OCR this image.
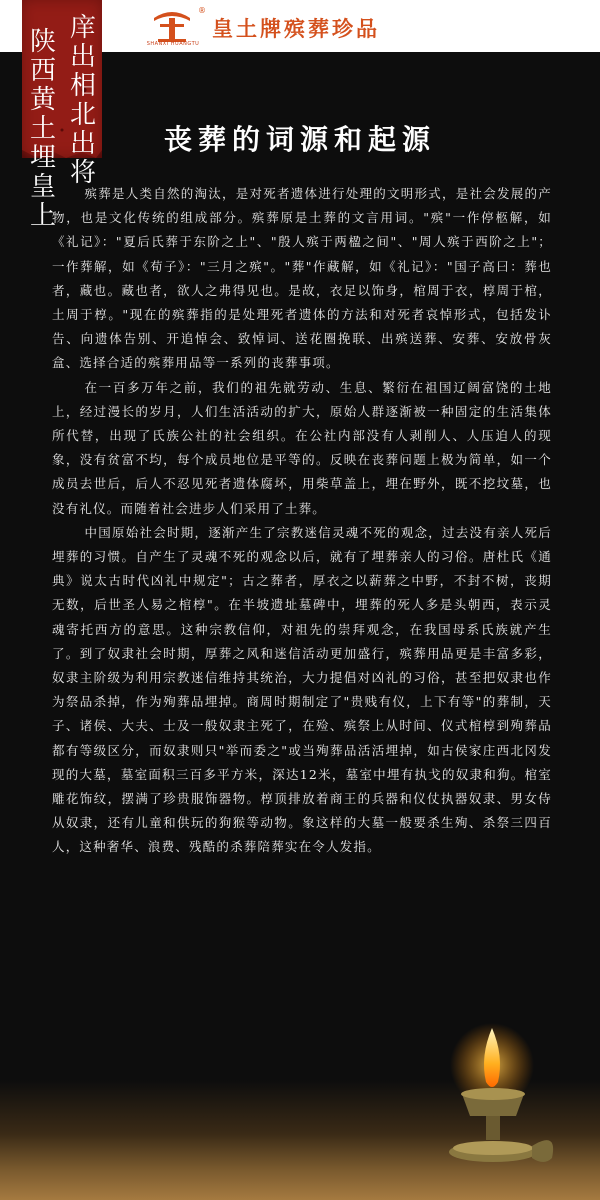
®
SHANXI HUANGTU
皇土牌殡葬珍品
庠出相北出将
陕西黄土埋皇上
丧葬的词源和起源

殡葬是人类自然的淘汰，是对死者遗体进行处理的文明形式，是社会发展的产物，也是文化传统的组成部分。殡葬原是土葬的文言用词。"殡"一作停柩解，如《礼记》："夏后氏葬于东阶之上"、"殷人殡于两楹之间"、"周人殡于西阶之上"；一作葬解，如《荀子》："三月之殡"。"葬"作藏解，如《礼记》："国子高曰：葬也者，藏也。藏也者，欲人之弗得见也。是故，衣足以饰身，棺周于衣，椁周于棺，土周于椁。"现在的殡葬指的是处理死者遗体的方法和对死者哀悼形式，包括发讣告、向遗体告别、开追悼会、致悼词、送花圈挽联、出殡送葬、安葬、安放骨灰盒、选择合适的殡葬用品等一系列的丧葬事项。

在一百多万年之前，我们的祖先就劳动、生息、繁衍在祖国辽阔富饶的土地上，经过漫长的岁月，人们生活活动的扩大，原始人群逐渐被一种固定的生活集体所代替，出现了氏族公社的社会组织。在公社内部没有人剥削人、人压迫人的现象，没有贫富不均，每个成员地位是平等的。反映在丧葬问题上极为简单，如一个成员去世后，后人不忍见死者遗体腐坏，用柴草盖上，埋在野外，既不挖坟墓，也没有礼仪。而随着社会进步人们采用了土葬。

中国原始社会时期，逐渐产生了宗教迷信灵魂不死的观念，过去没有亲人死后埋葬的习惯。自产生了灵魂不死的观念以后，就有了埋葬亲人的习俗。唐杜氏《通典》说太古时代凶礼中规定"；古之葬者，厚衣之以薪葬之中野，不封不树，丧期无数，后世圣人易之棺椁"。在半坡遗址墓碑中，埋葬的死人多是头朝西，表示灵魂寄托西方的意思。这种宗教信仰，对祖先的崇拜观念，在我国母系氏族就产生了。到了奴隶社会时期，厚葬之风和迷信活动更加盛行，殡葬用品更是丰富多彩，奴隶主阶级为利用宗教迷信维持其统治，大力提倡对凶礼的习俗，甚至把奴隶也作为祭品杀掉，作为殉葬品埋掉。商周时期制定了"贵贱有仪，上下有等"的葬制，天子、诸侯、大夫、士及一般奴隶主死了，在殓、殡祭上从时间、仪式棺椁到殉葬品都有等级区分，而奴隶则只"举而委之"或当殉葬品活活埋掉，如古侯家庄西北冈发现的大墓，墓室面积三百多平方米，深达12米，墓室中埋有执戈的奴隶和狗。棺室雕花饰纹，摆满了珍贵服饰器物。椁顶排放着商王的兵器和仪仗执器奴隶、男女侍从奴隶，还有儿童和供玩的狗猴等动物。象这样的大墓一般要杀生殉、杀祭三四百人，这种奢华、浪费、残酷的杀葬陪葬实在令人发指。
